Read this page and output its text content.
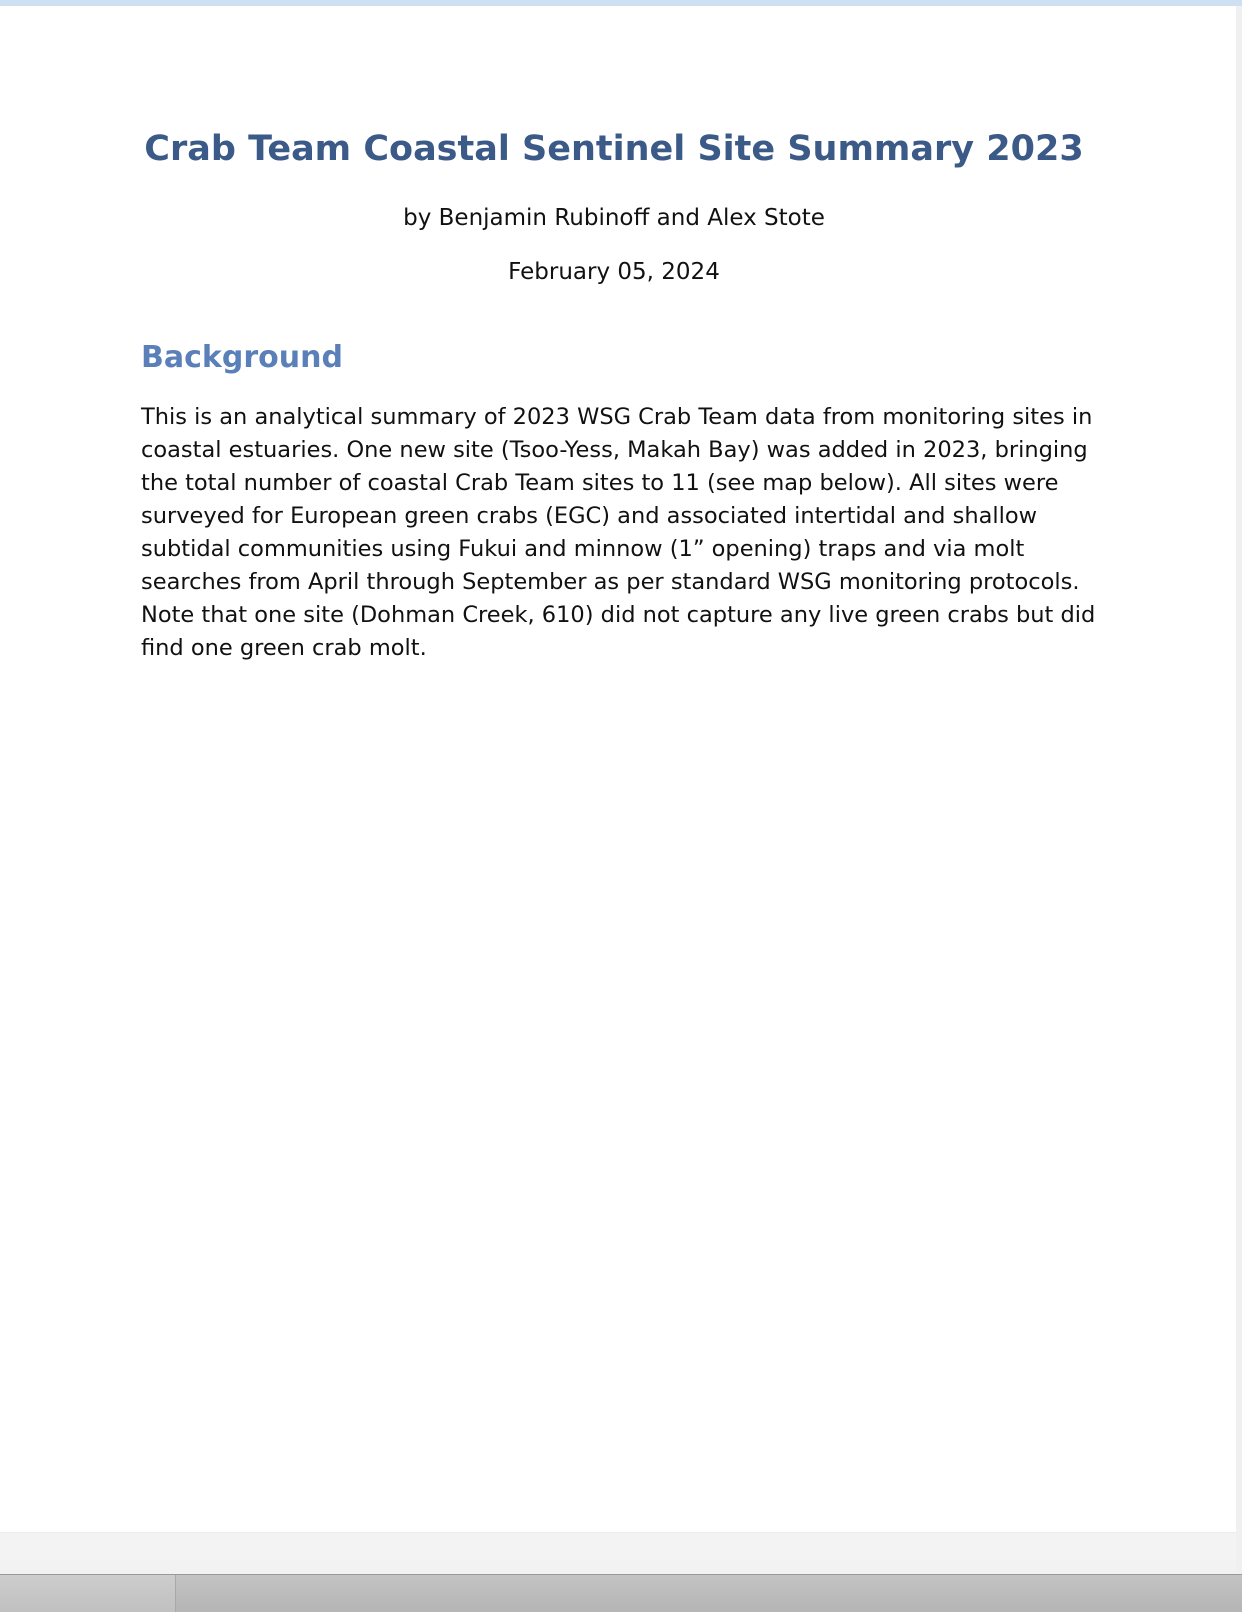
Crab Team Coastal Sentinel Site Summary 2023
by Benjamin Rubinoff and Alex Stote
February 05, 2024
Background

This is an analytical summary of 2023 WSG Crab Team data from monitoring sites in coastal estuaries. One new site (Tsoo-Yess, Makah Bay) was added in 2023, bringing the total number of coastal Crab Team sites to 11 (see map below). All sites were surveyed for European green crabs (EGC) and associated intertidal and shallow subtidal communities using Fukui and minnow (1” opening) traps and via molt searches from April through September as per standard WSG monitoring protocols. Note that one site (Dohman Creek, 610) did not capture any live green crabs but did find one green crab molt.
